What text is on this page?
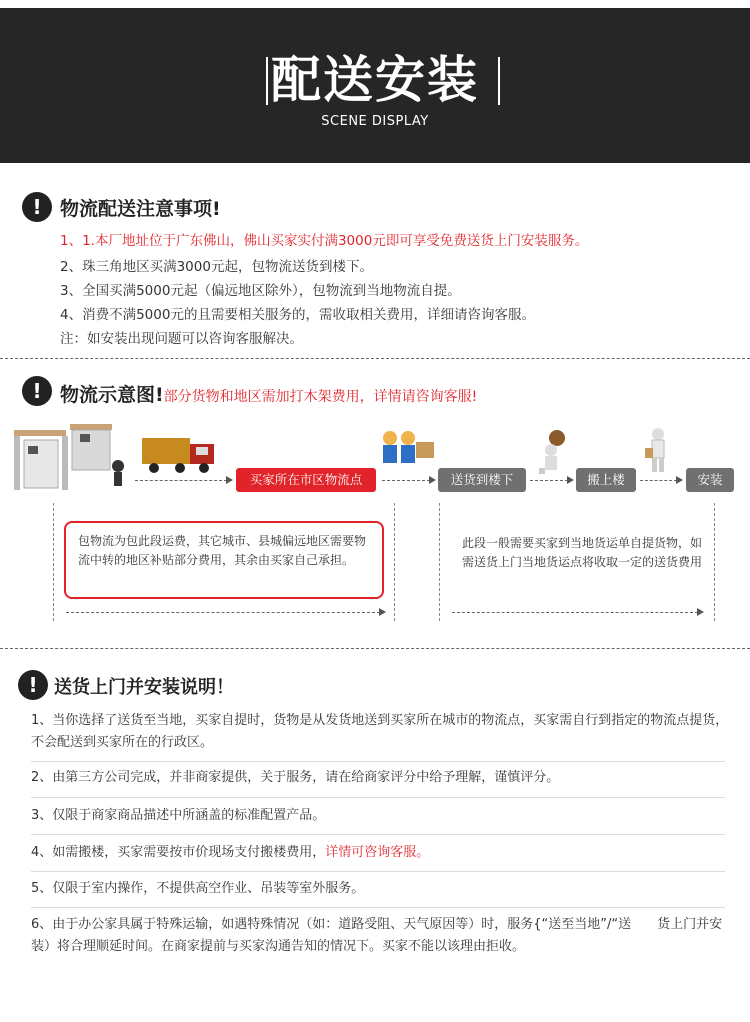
配送安装
SCENE DISPLAY
! 物流配送注意事项!
1、1.本厂地址位于广东佛山，佛山买家实付满3000元即可享受免费送货上门安装服务。
2、珠三角地区买满3000元起，包物流送货到楼下。
3、全国买满5000元起（偏远地区除外），包物流到当地物流自提。
4、消费不满5000元的且需要相关服务的，需收取相关费用，详细请咨询客服。
注：如安装出现问题可以咨询客服解决。
! 物流示意图!部分货物和地区需加打木架费用，详情请咨询客服!
买家所在市区物流点	送货到楼下	搬上楼	安装
包物流为包此段运费，其它城市、县城偏远地区需要物流中转的地区补贴部分费用，其余由买家自己承担。
此段一般需要买家到当地货运单自提货物，如需送货上门当地货运点将收取一定的送货费用
! 送货上门并安装说明！
1、当你选择了送货至当地，买家自提时，货物是从发货地送到买家所在城市的物流点，买家需自行到指定的物流点提货，不会配送到买家所在的行政区。
2、由第三方公司完成，并非商家提供，关于服务，请在给商家评分中给予理解，谨慎评分。
3、仅限于商家商品描述中所涵盖的标准配置产品。
4、如需搬楼，买家需要按市价现场支付搬楼费用，详情可咨询客服。
5、仅限于室内操作，不提供高空作业、吊装等室外服务。
6、由于办公家具属于特殊运输，如遇特殊情况（如：道路受阻、天气原因等）时，服务{“送至当地”/“送　　货上门并安装）将合理顺延时间。在商家提前与买家沟通告知的情况下。买家不能以该理由拒收。
